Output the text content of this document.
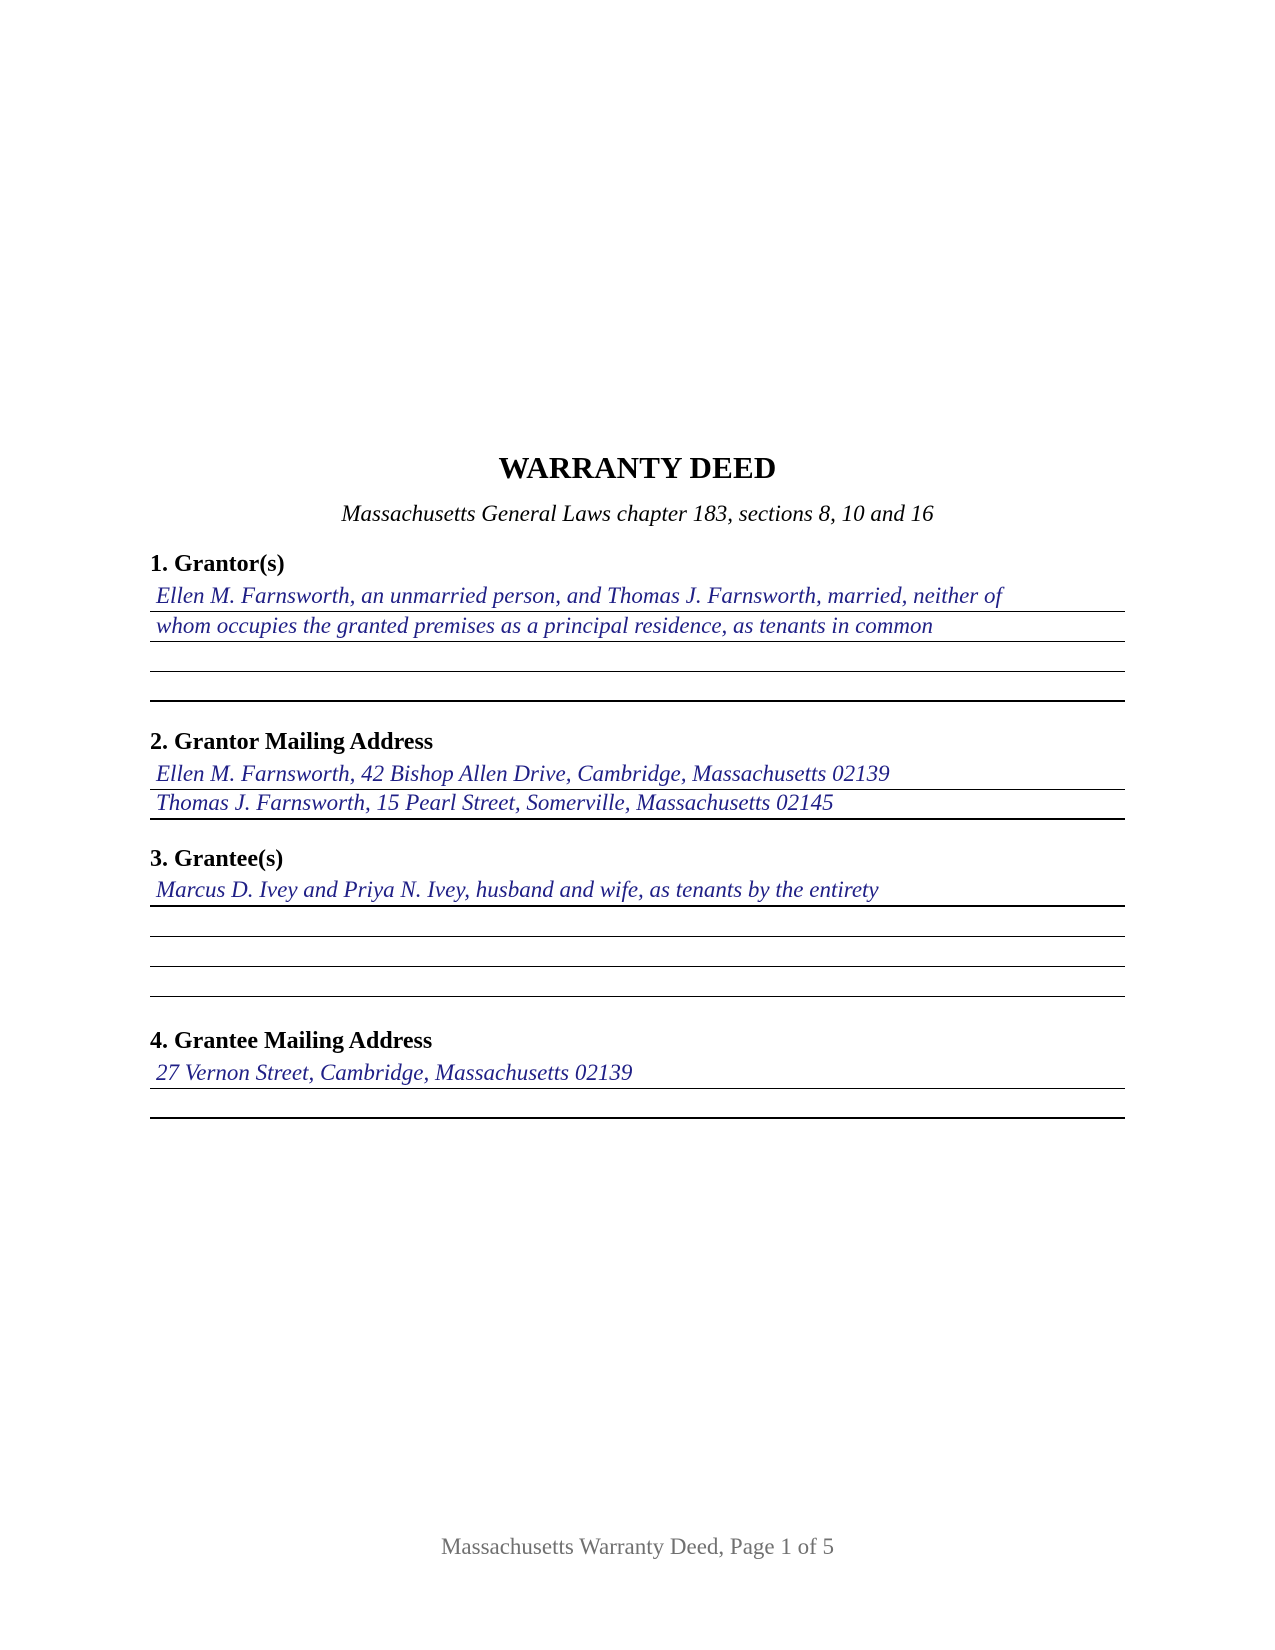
WARRANTY DEED
Massachusetts General Laws chapter 183, sections 8, 10 and 16
1. Grantor(s)
Ellen M. Farnsworth, an unmarried person, and Thomas J. Farnsworth, married, neither of
whom occupies the granted premises as a principal residence, as tenants in common
2. Grantor Mailing Address
Ellen M. Farnsworth, 42 Bishop Allen Drive, Cambridge, Massachusetts 02139
Thomas J. Farnsworth, 15 Pearl Street, Somerville, Massachusetts 02145
3. Grantee(s)
Marcus D. Ivey and Priya N. Ivey, husband and wife, as tenants by the entirety
4. Grantee Mailing Address
27 Vernon Street, Cambridge, Massachusetts 02139
Massachusetts Warranty Deed, Page 1 of 5
